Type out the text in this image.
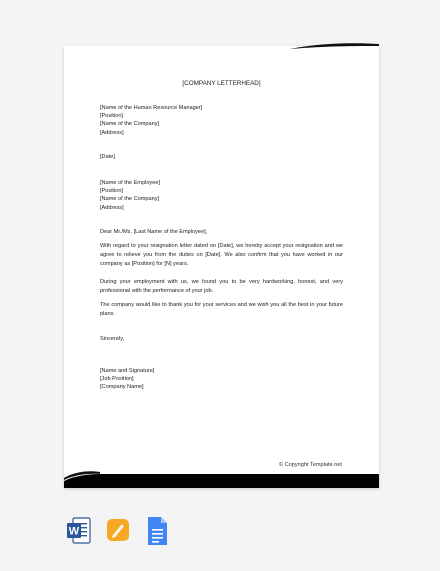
[COMPANY LETTERHEAD]
[Name of the Human Resource Manager]
[Position]
[Name of the Company]
[Address]
[Date]
[Name of the Employee]
[Position]
[Name of the Company]
[Address]
Dear Mr./Ms. [Last Name of the Employee],
With regard to your resignation letter dated on [Date], we hereby accept your resignation and we agree to relieve you from the duties on [Date]. We also confirm that you have worked in our company as [Position] for [N] years.
During your employment with us, we found you to be very hardworking, honest, and very professional with the performance of your job.
The company would like to thank you for your services and we wish you all the best in your future plans.
Sincerely,
[Name and Signature]
[Job Position]
[Company Name]
© Copyright Template.net
W
